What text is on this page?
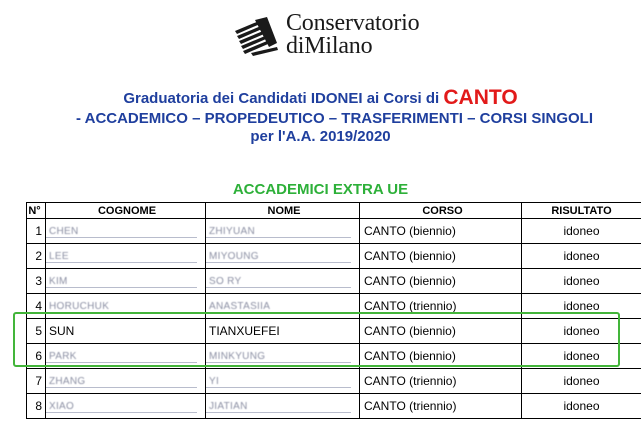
Conservatorio
diMilano
Graduatoria dei Candidati IDONEI ai Corsi di CANTO
- ACCADEMICO – PROPEDEUTICO – TRASFERIMENTI – CORSI SINGOLI
per l'A.A. 2019/2020
ACCADEMICI EXTRA UE
N°	COGNOME	NOME	CORSO	RISULTATO
1 CHEN	ZHIYUAN	CANTO (biennio)	idoneo
2 LEE	MIYOUNG	CANTO (biennio)	idoneo
3 KIM	SO RY	CANTO (biennio)	idoneo
4 HORUCHUK	ANASTASIIA	CANTO (triennio)	idoneo
5 SUN	TIANXUEFEI	CANTO (biennio)	idoneo
6 PARK	MINKYUNG	CANTO (biennio)	idoneo
7 ZHANG	YI	CANTO (triennio)	idoneo
8 XIAO	JIATIAN	CANTO (triennio)	idoneo
